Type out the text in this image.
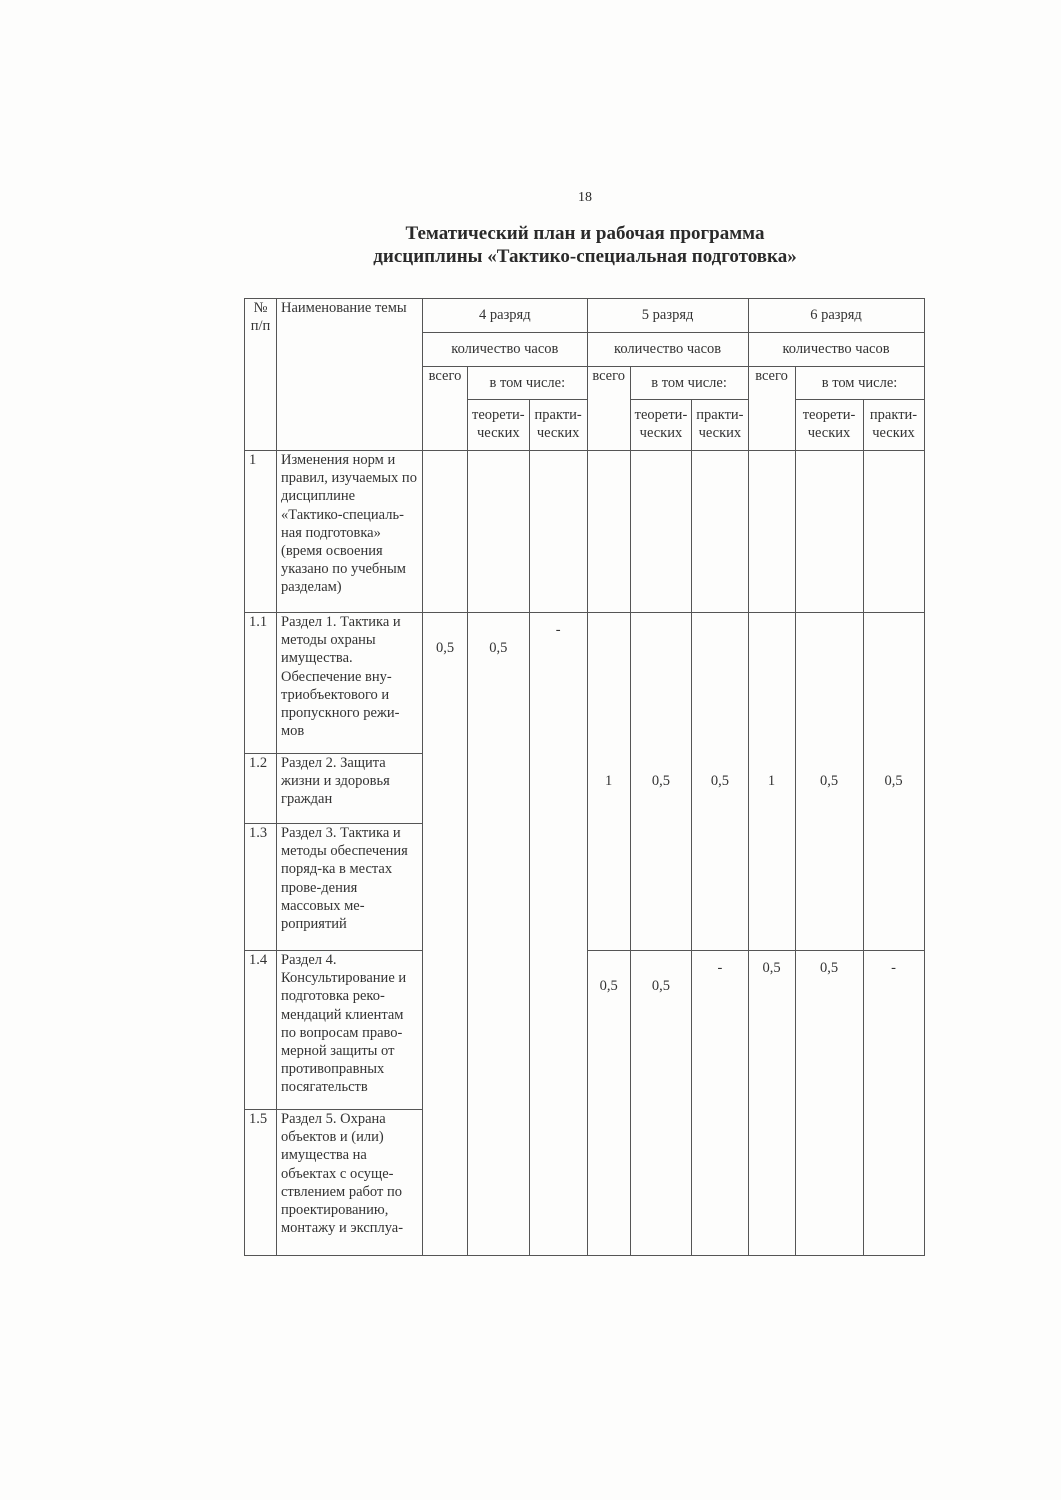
18
Тематический план и рабочая программа
дисциплины «Тактико-специальная подготовка»
№ п/п	Наименование темы	4 разряд			5 разряд			6 разряд		
		количество часов			количество часов			количество часов		
		всего	в том числе:		всего	в том числе:		всего	в том числе:	
			теорети-ческих	практи-ческих		теорети-ческих	практи-ческих		теорети-ческих	практи-ческих
1	Изменения норм и правил, изучаемых по дисциплине «Тактико-специаль-ная подготовка» (время освоения указано по учебным разделам)									
1.1	Раздел 1. Тактика и методы охраны имущества. Обеспечение вну-триобъектового и пропускного режи-мов	0,5	0,5	-	1	0,5	0,5	1	0,5	0,5
1.2	Раздел 2. Защита жизни и здоровья граждан									
1.3	Раздел 3. Тактика и методы обеспечения поряд-ка в местах прове-дения массовых ме-роприятий									
1.4	Раздел 4. Консультирование и подготовка реко-мендаций клиентам по вопросам право-мерной защиты от противоправных посягательств				0,5	0,5	-	0,5	0,5	-
1.5	Раздел 5. Охрана объектов и (или) имущества на объектах с осуще-ствлением работ по проектированию, монтажу и эксплуа-									
